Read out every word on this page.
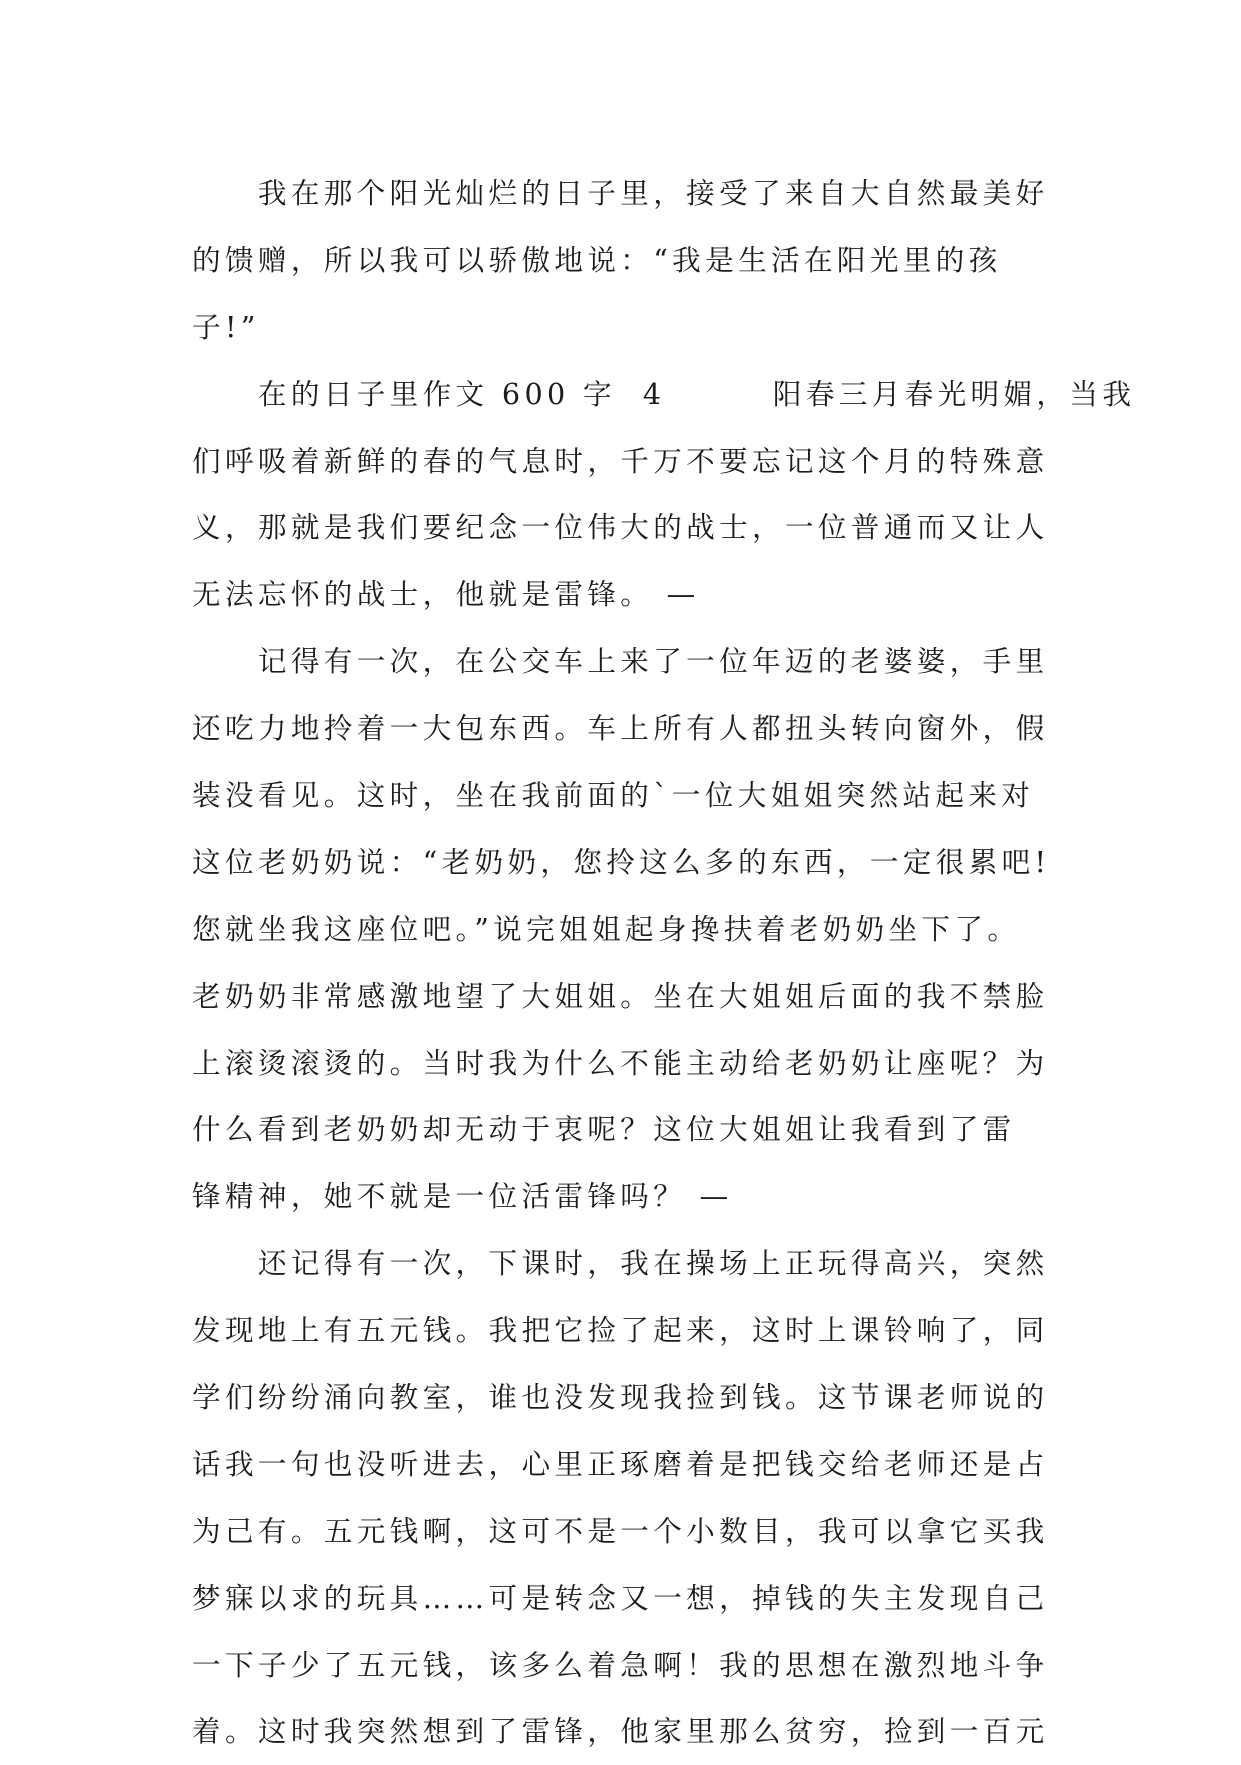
　　我在那个阳光灿烂的日子里，接受了来自大自然最美好
的馈赠，所以我可以骄傲地说：“我是生活在阳光里的孩
子!”
　　在的日子里作文 600 字  4        阳春三月春光明媚，当我
们呼吸着新鲜的春的气息时，千万不要忘记这个月的特殊意
义，那就是我们要纪念一位伟大的战士，一位普通而又让人
无法忘怀的战士，他就是雷锋。 —
　　记得有一次，在公交车上来了一位年迈的老婆婆，手里
还吃力地拎着一大包东西。车上所有人都扭头转向窗外，假
装没看见。这时，坐在我前面的`一位大姐姐突然站起来对
这位老奶奶说：“老奶奶，您拎这么多的东西，一定很累吧!
您就坐我这座位吧。”说完姐姐起身搀扶着老奶奶坐下了。
老奶奶非常感激地望了大姐姐。坐在大姐姐后面的我不禁脸
上滚烫滚烫的。当时我为什么不能主动给老奶奶让座呢？为
什么看到老奶奶却无动于衷呢？这位大姐姐让我看到了雷
锋精神，她不就是一位活雷锋吗？ —
　　还记得有一次，下课时，我在操场上正玩得高兴，突然
发现地上有五元钱。我把它捡了起来，这时上课铃响了，同
学们纷纷涌向教室，谁也没发现我捡到钱。这节课老师说的
话我一句也没听进去，心里正琢磨着是把钱交给老师还是占
为己有。五元钱啊，这可不是一个小数目，我可以拿它买我
梦寐以求的玩具……可是转念又一想，掉钱的失主发现自己
一下子少了五元钱，该多么着急啊！我的思想在激烈地斗争
着。这时我突然想到了雷锋，他家里那么贫穷，捡到一百元
